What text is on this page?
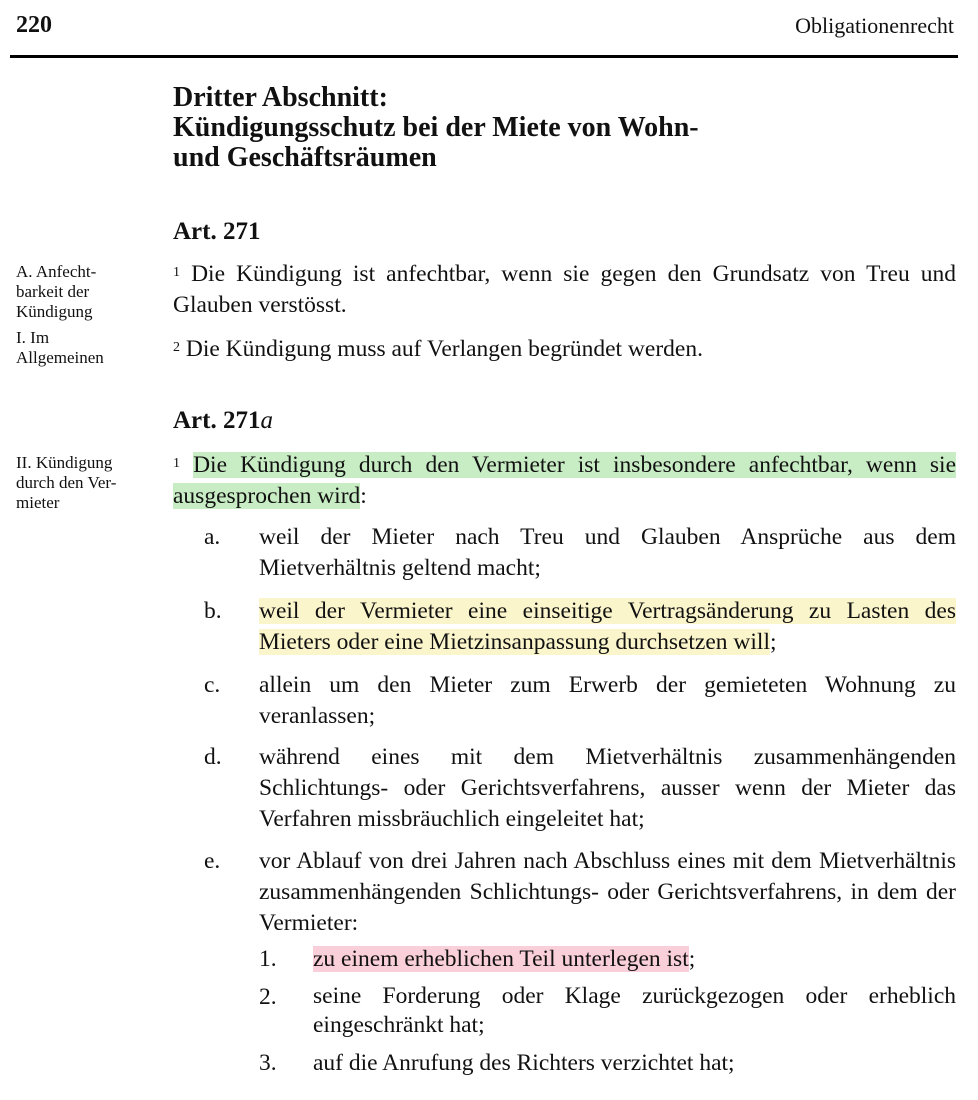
220	Obligationenrecht
Dritter Abschnitt:
Kündigungsschutz bei der Miete von Wohn-
und Geschäftsräumen
Art. 271
A. Anfecht-
barkeit der
Kündigung
I. Im
Allgemeinen
$^1$ Die Kündigung ist anfechtbar, wenn sie gegen den Grundsatz von Treu und Glauben verstösst.
$^2$ Die Kündigung muss auf Verlangen begründet werden.
Art. 271a
II. Kündigung
durch den Ver-
mieter
$^1$ Die Kündigung durch den Vermieter ist insbesondere anfechtbar, wenn sie ausgesprochen wird:
a. weil der Mieter nach Treu und Glauben Ansprüche aus dem Mietverhältnis geltend macht;
b. weil der Vermieter eine einseitige Vertragsänderung zu Lasten des Mieters oder eine Mietzinsanpassung durchsetzen will;
c. allein um den Mieter zum Erwerb der gemieteten Wohnung zu veranlassen;
d. während eines mit dem Mietverhältnis zusammenhängenden Schlichtungs- oder Gerichtsverfahrens, ausser wenn der Mieter das Verfahren missbräuchlich eingeleitet hat;
e. vor Ablauf von drei Jahren nach Abschluss eines mit dem Mietverhältnis zusammenhängenden Schlichtungs- oder Gerichtsverfahrens, in dem der Vermieter:
1. zu einem erheblichen Teil unterlegen ist;
2. seine Forderung oder Klage zurückgezogen oder erheblich eingeschränkt hat;
3. auf die Anrufung des Richters verzichtet hat;
